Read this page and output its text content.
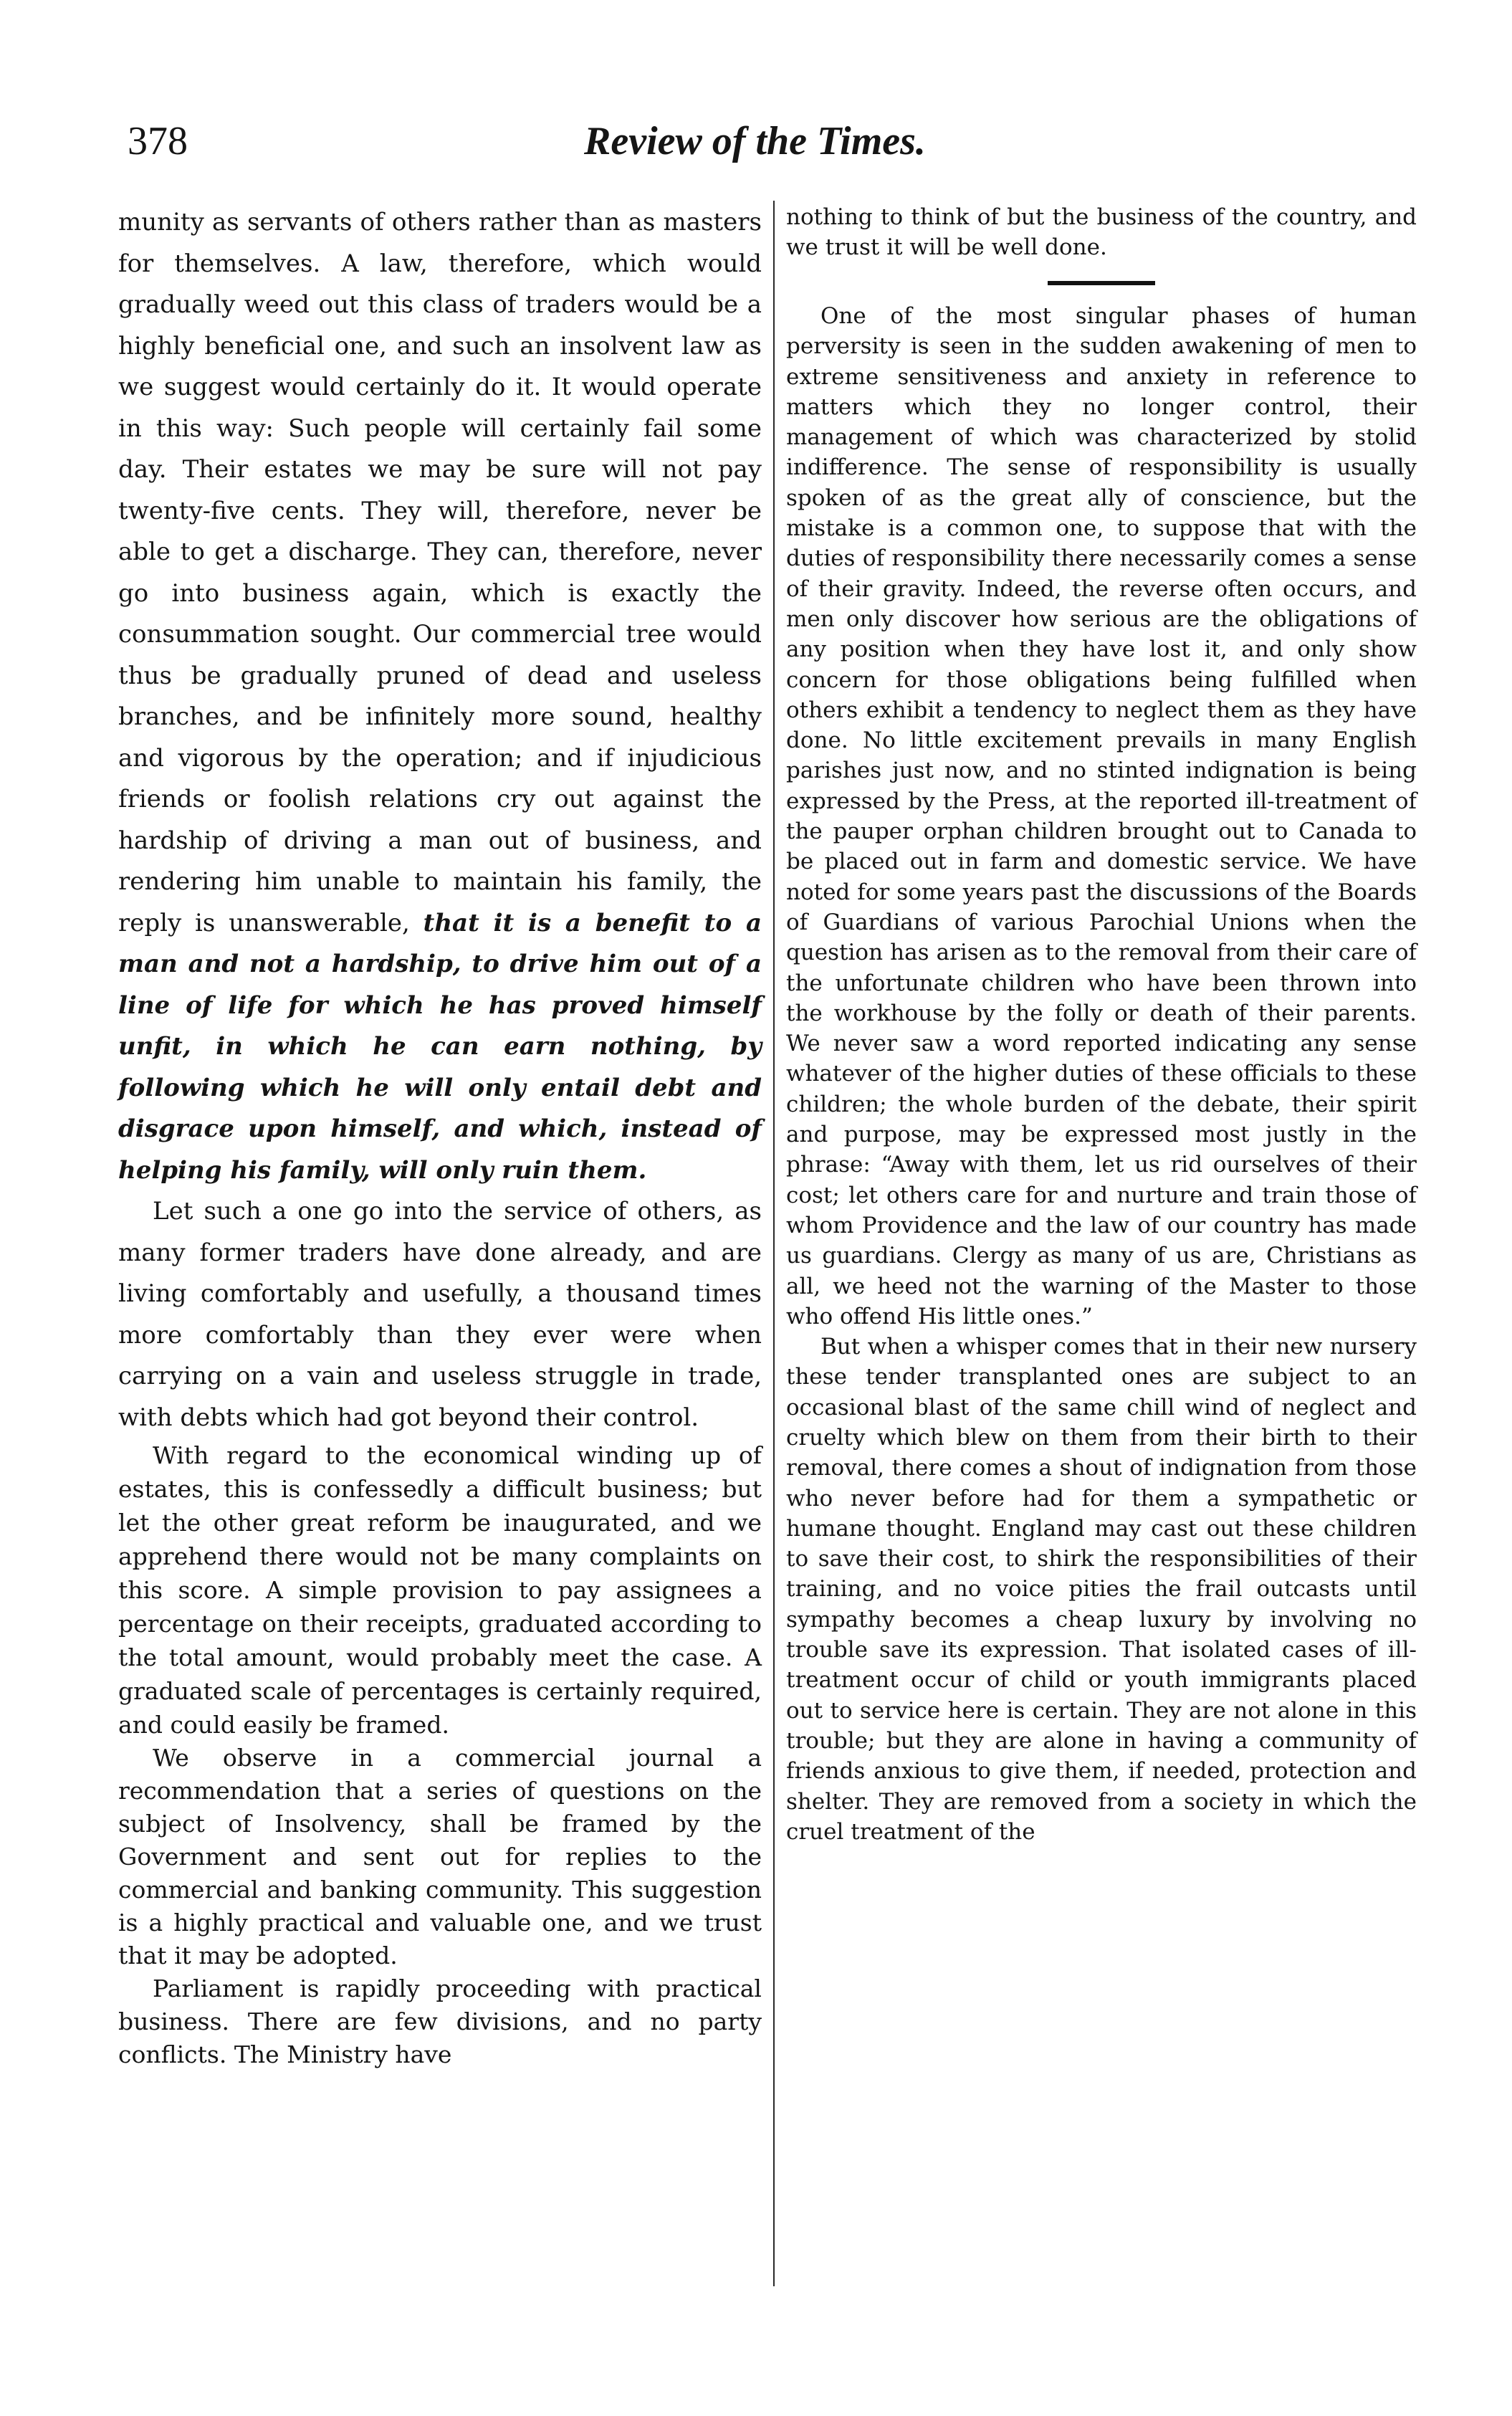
378	Review of the Times.

munity as servants of others rather than as masters for themselves. A law, therefore, which would gradually weed out this class of traders would be a highly beneficial one, and such an insolvent law as we suggest would certainly do it. It would operate in this way: Such people will certainly fail some day. Their estates we may be sure will not pay twenty-five cents. They will, therefore, never be able to get a discharge. They can, therefore, never go into business again, which is exactly the consummation sought. Our commercial tree would thus be gradually pruned of dead and useless branches, and be infinitely more sound, healthy and vigorous by the operation; and if injudicious friends or foolish relations cry out against the hardship of driving a man out of business, and rendering him unable to maintain his family, the reply is unanswerable, that it is a benefit to a man and not a hardship, to drive him out of a line of life for which he has proved himself unfit, in which he can earn nothing, by following which he will only entail debt and disgrace upon himself, and which, instead of helping his family, will only ruin them.

Let such a one go into the service of others, as many former traders have done already, and are living comfortably and usefully, a thousand times more comfortably than they ever were when carrying on a vain and useless struggle in trade, with debts which had got beyond their control.

With regard to the economical winding up of estates, this is confessedly a difficult business; but let the other great reform be inaugurated, and we apprehend there would not be many complaints on this score. A simple provision to pay assignees a percentage on their receipts, graduated according to the total amount, would probably meet the case. A graduated scale of percentages is certainly required, and could easily be framed.

We observe in a commercial journal a recommendation that a series of questions on the subject of Insolvency, shall be framed by the Government and sent out for replies to the commercial and banking community. This suggestion is a highly practical and valuable one, and we trust that it may be adopted.

Parliament is rapidly proceeding with practical business. There are few divisions, and no party conflicts. The Ministry have

nothing to think of but the business of the country, and we trust it will be well done.

One of the most singular phases of human perversity is seen in the sudden awakening of men to extreme sensitiveness and anxiety in reference to matters which they no longer control, their management of which was characterized by stolid indifference. The sense of responsibility is usually spoken of as the great ally of conscience, but the mistake is a common one, to suppose that with the duties of responsibility there necessarily comes a sense of their gravity. Indeed, the reverse often occurs, and men only discover how serious are the obligations of any position when they have lost it, and only show concern for those obligations being fulfilled when others exhibit a tendency to neglect them as they have done. No little excitement prevails in many English parishes just now, and no stinted indignation is being expressed by the Press, at the reported ill-treatment of the pauper orphan children brought out to Canada to be placed out in farm and domestic service. We have noted for some years past the discussions of the Boards of Guardians of various Parochial Unions when the question has arisen as to the removal from their care of the unfortunate children who have been thrown into the workhouse by the folly or death of their parents. We never saw a word reported indicating any sense whatever of the higher duties of these officials to these children; the whole burden of the debate, their spirit and purpose, may be expressed most justly in the phrase: “Away with them, let us rid ourselves of their cost; let others care for and nurture and train those of whom Providence and the law of our country has made us guardians. Clergy as many of us are, Christians as all, we heed not the warning of the Master to those who offend His little ones.”

But when a whisper comes that in their new nursery these tender transplanted ones are subject to an occasional blast of the same chill wind of neglect and cruelty which blew on them from their birth to their removal, there comes a shout of indignation from those who never before had for them a sympathetic or humane thought. England may cast out these children to save their cost, to shirk the responsibilities of their training, and no voice pities the frail outcasts until sympathy becomes a cheap luxury by involving no trouble save its expression. That isolated cases of ill-treatment occur of child or youth immigrants placed out to service here is certain. They are not alone in this trouble; but they are alone in having a community of friends anxious to give them, if needed, protection and shelter. They are removed from a society in which the cruel treatment of the
